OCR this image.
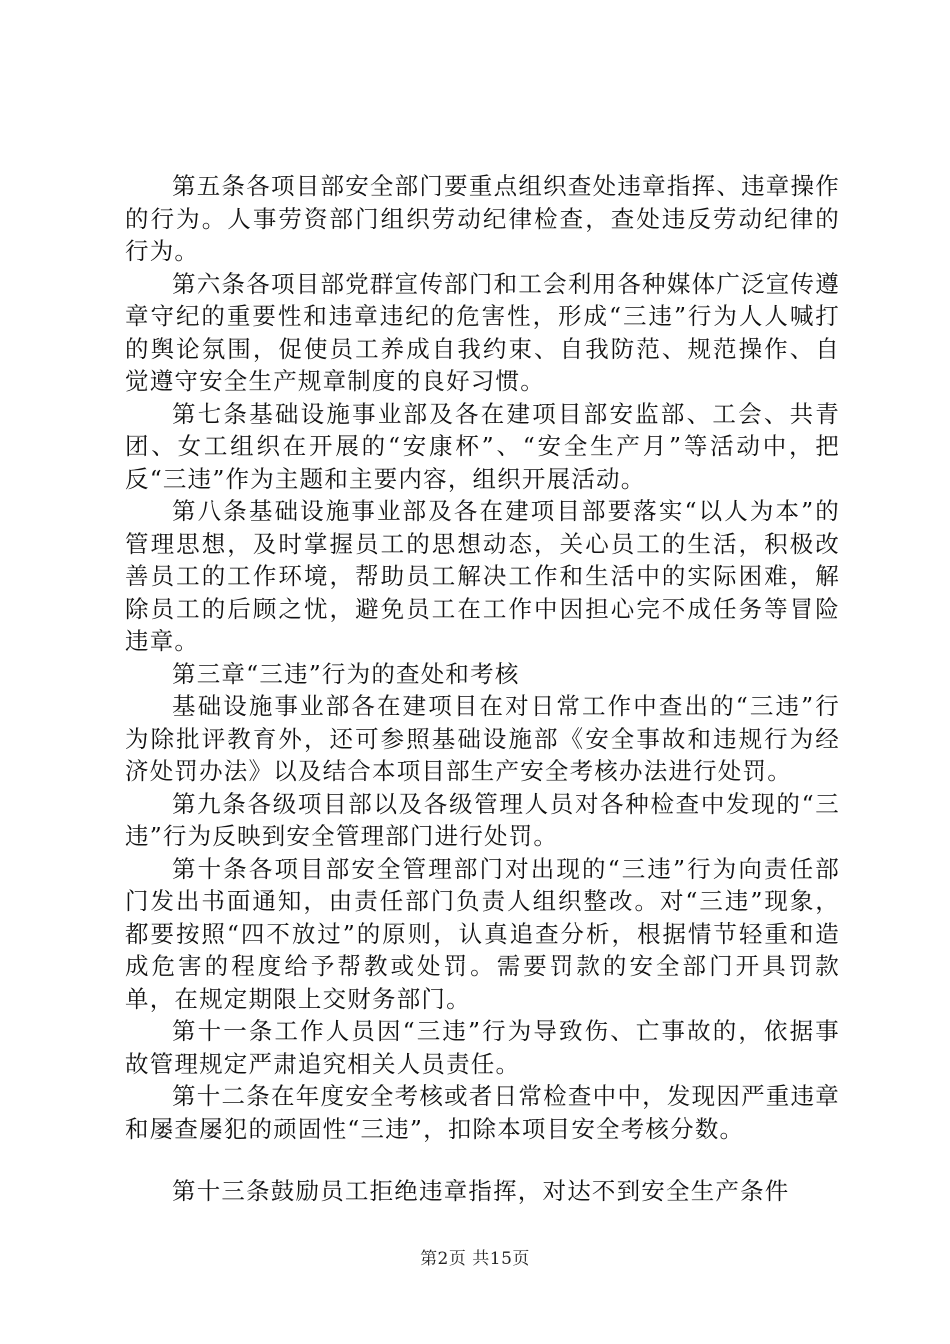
第五条各项目部安全部门要重点组织查处违章指挥、违章操作的行为。人事劳资部门组织劳动纪律检查，查处违反劳动纪律的行为。

第六条各项目部党群宣传部门和工会利用各种媒体广泛宣传遵章守纪的重要性和违章违纪的危害性，形成“三违”行为人人喊打的舆论氛围，促使员工养成自我约束、自我防范、规范操作、自觉遵守安全生产规章制度的良好习惯。

第七条基础设施事业部及各在建项目部安监部、工会、共青团、女工组织在开展的“安康杯”、“安全生产月”等活动中，把反“三违”作为主题和主要内容，组织开展活动。

第八条基础设施事业部及各在建项目部要落实“以人为本”的管理思想，及时掌握员工的思想动态，关心员工的生活，积极改善员工的工作环境，帮助员工解决工作和生活中的实际困难，解除员工的后顾之忧，避免员工在工作中因担心完不成任务等冒险违章。

第三章“三违”行为的查处和考核

基础设施事业部各在建项目在对日常工作中查出的“三违”行为除批评教育外，还可参照基础设施部《安全事故和违规行为经济处罚办法》以及结合本项目部生产安全考核办法进行处罚。

第九条各级项目部以及各级管理人员对各种检查中发现的“三违”行为反映到安全管理部门进行处罚。

第十条各项目部安全管理部门对出现的“三违”行为向责任部门发出书面通知，由责任部门负责人组织整改。对“三违”现象，都要按照“四不放过”的原则，认真追查分析，根据情节轻重和造成危害的程度给予帮教或处罚。需要罚款的安全部门开具罚款单，在规定期限上交财务部门。

第十一条工作人员因“三违”行为导致伤、亡事故的，依据事故管理规定严肃追究相关人员责任。

第十二条在年度安全考核或者日常检查中中，发现因严重违章和屡查屡犯的顽固性“三违”，扣除本项目安全考核分数。

第十三条鼓励员工拒绝违章指挥，对达不到安全生产条件

第2页 共15页
